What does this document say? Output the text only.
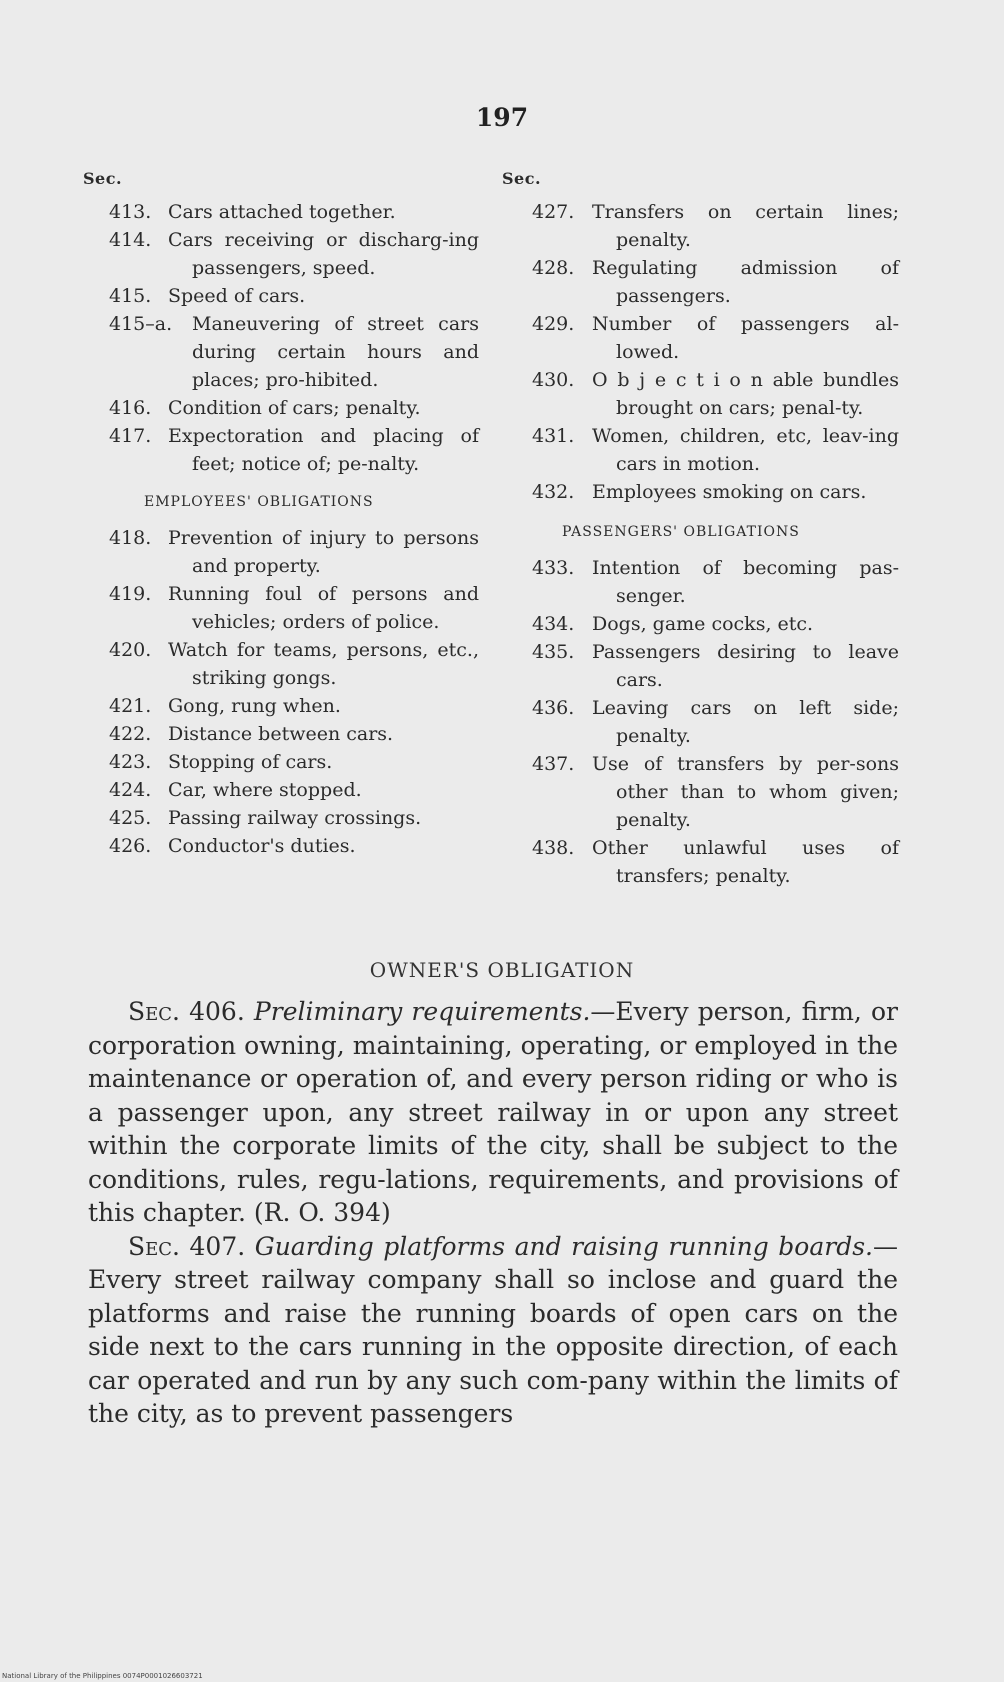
197
Sec.
413. Cars attached together.
414. Cars receiving or discharg-ing passengers, speed.
415. Speed of cars.
415–a.	Maneuvering of street cars during certain hours and places; pro-hibited.
416. Condition of cars; penalty.
417. Expectoration and placing of feet; notice of; pe-nalty.
EMPLOYEES' OBLIGATIONS
418. Prevention of injury to persons and property.
419. Running foul of persons and vehicles; orders of police.
420. Watch for teams, persons, etc., striking gongs.
421. Gong, rung when.
422. Distance between cars.
423. Stopping of cars.
424. Car, where stopped.
425. Passing railway crossings.
426. Conductor's duties.
Sec.
427. Transfers on certain lines; penalty.
428. Regulating admission of passengers.
429. Number of passengers al-lowed.
430. O b j e c t i o n able bundles brought on cars; penal-ty.
431. Women, children, etc, leav-ing cars in motion.
432. Employees smoking on cars.
PASSENGERS' OBLIGATIONS
433. Intention of becoming pas-senger.
434. Dogs, game cocks, etc.
435. Passengers desiring to leave cars.
436. Leaving cars on left side; penalty.
437. Use of transfers by per-sons other than to whom given; penalty.
438. Other unlawful uses of transfers; penalty.
OWNER'S OBLIGATION

Sec. 406. Preliminary requirements.—Every person, firm, or corporation owning, maintaining, operating, or employed in the maintenance or operation of, and every person riding or who is a passenger upon, any street railway in or upon any street within the corporate limits of the city, shall be subject to the conditions, rules, regu-lations, requirements, and provisions of this chapter. (R. O. 394)

Sec. 407. Guarding platforms and raising running boards.—Every street railway company shall so inclose and guard the platforms and raise the running boards of open cars on the side next to the cars running in the opposite direction, of each car operated and run by any such com-pany within the limits of the city, as to prevent passengers

National Library of the Philippines 0074P0001026603721
